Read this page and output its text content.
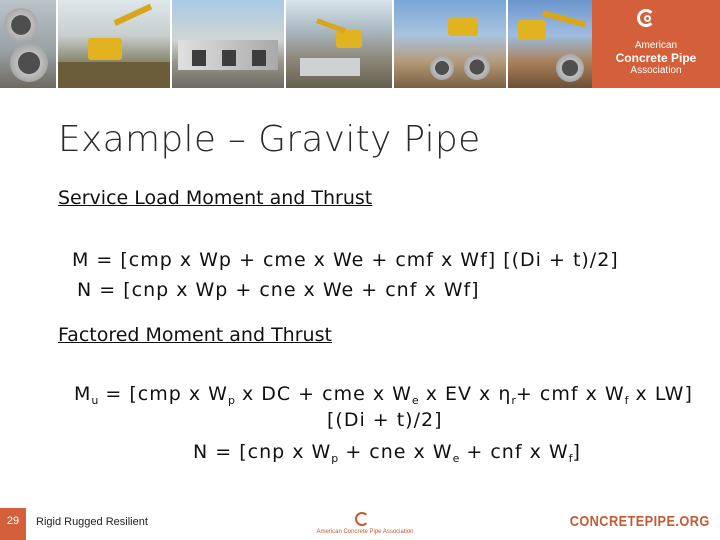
American
Concrete Pipe
Association
Example – Gravity Pipe
Service Load Moment and Thrust
M = [cmp x Wp + cme x We + cmf x Wf] [(Di + t)/2]
N = [cnp x Wp + cne x We + cnf x Wf]
Factored Moment and Thrust
$M_u = [cmp$ x $W_p$ x DC + cme x $W_e$ x EV x $\eta_r+$ cmf x $W_f$ x LW]
[(Di + t)/2]
N = [cnp x $W_p$ + cne x $W_e$ + cnf x $W_f$]
29	Rigid Rugged Resilient
American Concrete Pipe Association
CONCRETEPIPE.ORG
